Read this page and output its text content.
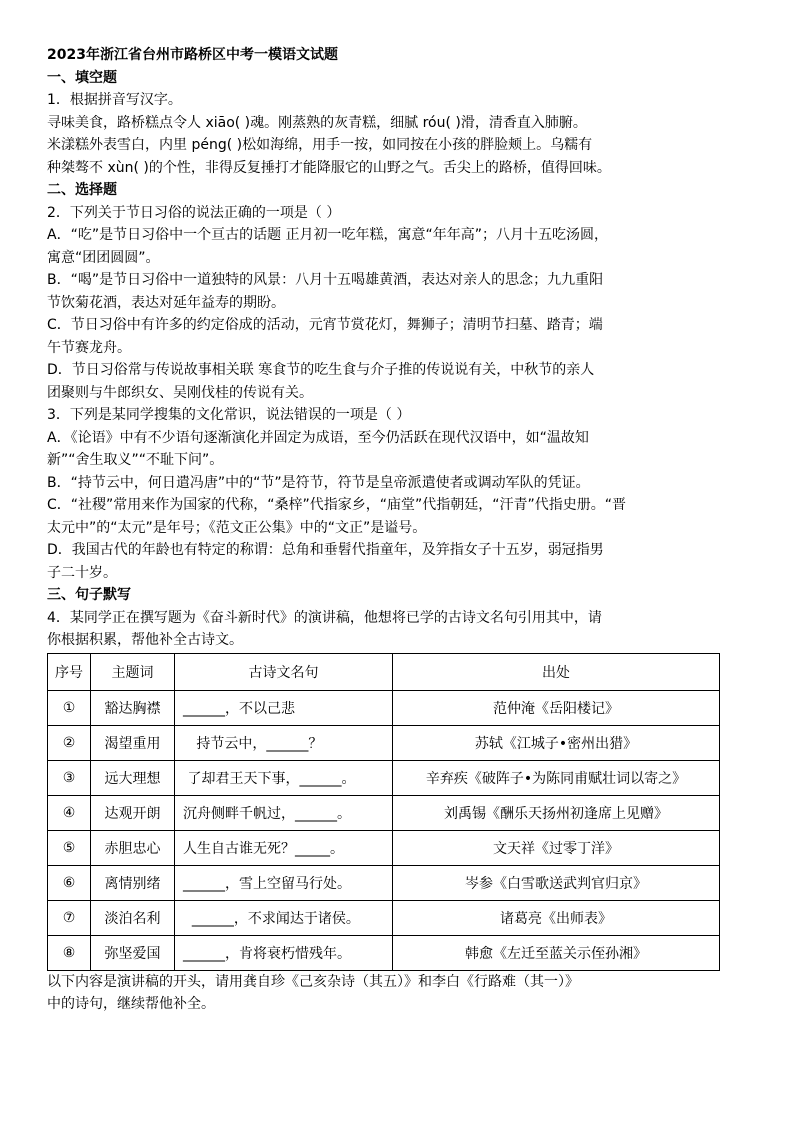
2023年浙江省台州市路桥区中考一模语文试题
一、填空题
1．根据拼音写汉字。
寻味美食，路桥糕点令人 xiāo( )魂。刚蒸熟的灰青糕，细腻 róu( )滑，清香直入肺腑。
米漾糕外表雪白，内里 péng( )松如海绵，用手一按，如同按在小孩的胖脸颊上。乌糯有
种桀骜不 xùn( )的个性，非得反复捶打才能降服它的山野之气。舌尖上的路桥，值得回味。
二、选择题
2．下列关于节日习俗的说法正确的一项是（ ）
A．“吃”是节日习俗中一个亘古的话题 正月初一吃年糕，寓意“年年高”；八月十五吃汤圆，
寓意“团团圆圆”。
B．“喝”是节日习俗中一道独特的风景：八月十五喝雄黄酒，表达对亲人的思念；九九重阳
节饮菊花酒，表达对延年益寿的期盼。
C．节日习俗中有许多的约定俗成的活动，元宵节赏花灯，舞狮子；清明节扫墓、踏青；端
午节赛龙舟。
D．节日习俗常与传说故事相关联 寒食节的吃生食与介子推的传说说有关，中秋节的亲人
团聚则与牛郎织女、吴刚伐桂的传说有关。
3．下列是某同学搜集的文化常识，说法错误的一项是（ ）
A．《论语》中有不少语句逐渐演化并固定为成语，至今仍活跃在现代汉语中，如“温故知
新”“舍生取义”“不耻下问”。
B．“持节云中，何日遣冯唐”中的“节”是符节，符节是皇帝派遣使者或调动军队的凭证。
C．“社稷”常用来作为国家的代称，“桑梓”代指家乡，“庙堂”代指朝廷，“汗青”代指史册。“晋
太元中”的“太元”是年号；《范文正公集》中的“文正”是谥号。
D．我国古代的年龄也有特定的称谓：总角和垂髫代指童年，及笄指女子十五岁，弱冠指男
子二十岁。
三、句子默写
4．某同学正在撰写题为《奋斗新时代》的演讲稿，他想将已学的古诗文名句引用其中，请
你根据积累，帮他补全古诗文。
序号	主题词	古诗文名句	出处
①	豁达胸襟	______，不以己悲	范仲淹《岳阳楼记》
②	渴望重用	持节云中，______？	苏轼《江城子•密州出猎》
③	远大理想	了却君王天下事，______。	辛弃疾《破阵子•为陈同甫赋壮词以寄之》
④	达观开朗	沉舟侧畔千帆过，______。	刘禹锡《酬乐天扬州初逢席上见赠》
⑤	赤胆忠心	人生自古谁无死？_____。	文天祥《过零丁洋》
⑥	离情别绪	______，雪上空留马行处。	岑参《白雪歌送武判官归京》
⑦	淡泊名利	______，不求闻达于诸侯。	诸葛亮《出师表》
⑧	弥坚爱国	______，肯将衰朽惜残年。	韩愈《左迁至蓝关示侄孙湘》
以下内容是演讲稿的开头，请用龚自珍《己亥杂诗（其五）》和李白《行路难（其一）》
中的诗句，继续帮他补全。
